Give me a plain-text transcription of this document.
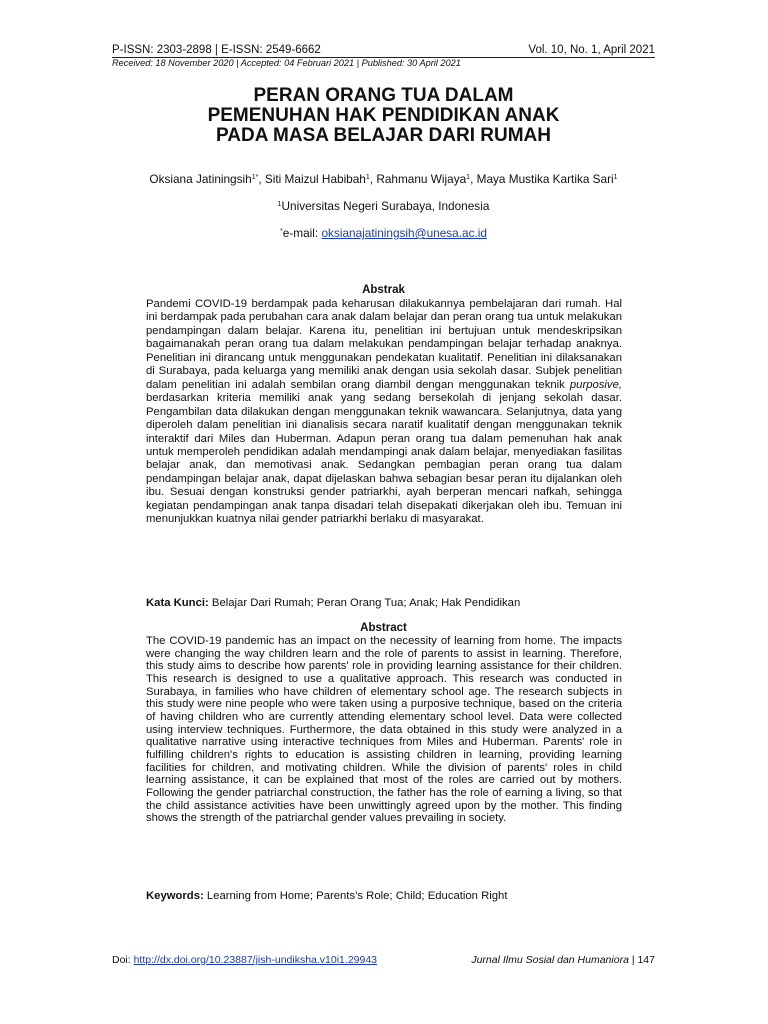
P-ISSN: 2303-2898 | E-ISSN: 2549-6662	Vol. 10, No. 1, April 2021
Received: 18 November 2020 | Accepted: 04 Februari 2021 | Published: 30 April 2021
PERAN ORANG TUA DALAM
PEMENUHAN HAK PENDIDIKAN ANAK
PADA MASA BELAJAR DARI RUMAH
Oksiana Jatiningsih$^{1*}$, Siti Maizul Habibah$^1$, Rahmanu Wijaya$^1$, Maya Mustika Kartika Sari$^1$
$^1$Universitas Negeri Surabaya, Indonesia
*e-mail: oksianajatiningsih@unesa.ac.id
Abstrak
Pandemi COVID-19 berdampak pada keharusan dilakukannya pembelajaran dari rumah. Hal ini berdampak pada perubahan cara anak dalam belajar dan peran orang tua untuk melakukan pendampingan dalam belajar. Karena itu, penelitian ini bertujuan untuk mendeskripsikan bagaimanakah peran orang tua dalam melakukan pendampingan belajar terhadap anaknya. Penelitian ini dirancang untuk menggunakan pendekatan kualitatif. Penelitian ini dilaksanakan di Surabaya, pada keluarga yang memiliki anak dengan usia sekolah dasar. Subjek penelitian dalam penelitian ini adalah sembilan orang diambil dengan menggunakan teknik purposive, berdasarkan kriteria memiliki anak yang sedang bersekolah di jenjang sekolah dasar. Pengambilan data dilakukan dengan menggunakan teknik wawancara. Selanjutnya, data yang diperoleh dalam penelitian ini dianalisis secara naratif kualitatif dengan menggunakan teknik interaktif dari Miles dan Huberman. Adapun peran orang tua dalam pemenuhan hak anak untuk memperoleh pendidikan adalah mendampingi anak dalam belajar, menyediakan fasilitas belajar anak, dan memotivasi anak. Sedangkan pembagian peran orang tua dalam pendampingan belajar anak, dapat dijelaskan bahwa sebagian besar peran itu dijalankan oleh ibu. Sesuai dengan konstruksi gender patriarkhi, ayah berperan mencari nafkah, sehingga kegiatan pendampingan anak tanpa disadari telah disepakati dikerjakan oleh ibu. Temuan ini menunjukkan kuatnya nilai gender patriarkhi berlaku di masyarakat.
Kata Kunci: Belajar Dari Rumah; Peran Orang Tua; Anak; Hak Pendidikan
Abstract
The COVID-19 pandemic has an impact on the necessity of learning from home. The impacts were changing the way children learn and the role of parents to assist in learning. Therefore, this study aims to describe how parents' role in providing learning assistance for their children. This research is designed to use a qualitative approach. This research was conducted in Surabaya, in families who have children of elementary school age. The research subjects in this study were nine people who were taken using a purposive technique, based on the criteria of having children who are currently attending elementary school level. Data were collected using interview techniques. Furthermore, the data obtained in this study were analyzed in a qualitative narrative using interactive techniques from Miles and Huberman. Parents' role in fulfilling children's rights to education is assisting children in learning, providing learning facilities for children, and motivating children. While the division of parents' roles in child learning assistance, it can be explained that most of the roles are carried out by mothers. Following the gender patriarchal construction, the father has the role of earning a living, so that the child assistance activities have been unwittingly agreed upon by the mother. This finding shows the strength of the patriarchal gender values prevailing in society.
Keywords: Learning from Home; Parents’s Role; Child; Education Right
Doi: http://dx.doi.org/10.23887/jish-undiksha.v10i1.29943	Jurnal Ilmu Sosial dan Humaniora | 147
